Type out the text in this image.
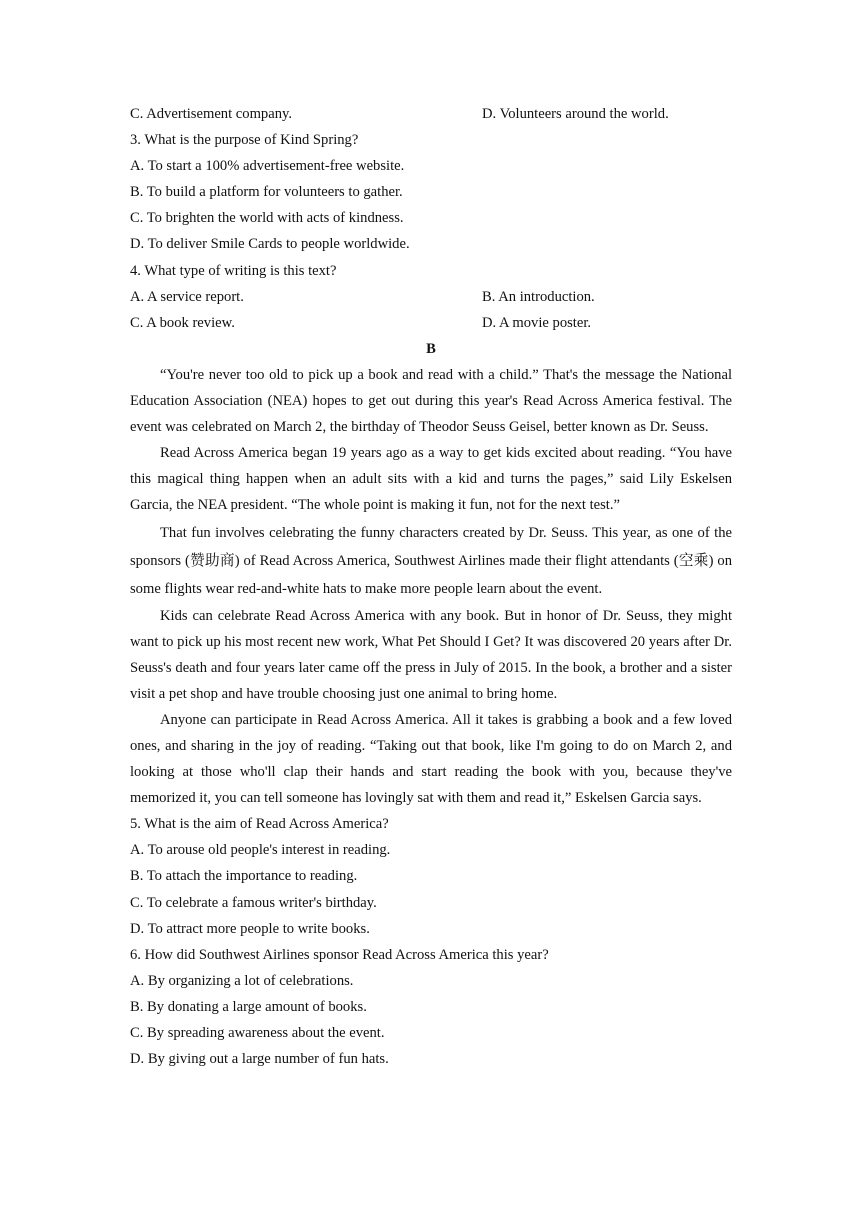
C. Advertisement company.	D. Volunteers around the world.
3. What is the purpose of Kind Spring?
A. To start a 100% advertisement-free website.
B. To build a platform for volunteers to gather.
C. To brighten the world with acts of kindness.
D. To deliver Smile Cards to people worldwide.
4. What type of writing is this text?
A. A service report.	B. An introduction.
C. A book review.	D. A movie poster.
B
“You're never too old to pick up a book and read with a child.” That's the message the National Education Association (NEA) hopes to get out during this year's Read Across America festival. The event was celebrated on March 2, the birthday of Theodor Seuss Geisel, better known as Dr. Seuss.
Read Across America began 19 years ago as a way to get kids excited about reading. “You have this magical thing happen when an adult sits with a kid and turns the pages,” said Lily Eskelsen Garcia, the NEA president. “The whole point is making it fun, not for the next test.”
That fun involves celebrating the funny characters created by Dr. Seuss. This year, as one of the sponsors (赞助商) of Read Across America, Southwest Airlines made their flight attendants (空乘) on some flights wear red-and-white hats to make more people learn about the event.
Kids can celebrate Read Across America with any book. But in honor of Dr. Seuss, they might want to pick up his most recent new work, What Pet Should I Get? It was discovered 20 years after Dr. Seuss's death and four years later came off the press in July of 2015. In the book, a brother and a sister visit a pet shop and have trouble choosing just one animal to bring home.
Anyone can participate in Read Across America. All it takes is grabbing a book and a few loved ones, and sharing in the joy of reading. “Taking out that book, like I'm going to do on March 2, and looking at those who'll clap their hands and start reading the book with you, because they've memorized it, you can tell someone has lovingly sat with them and read it,” Eskelsen Garcia says.
5. What is the aim of Read Across America?
A. To arouse old people's interest in reading.
B. To attach the importance to reading.
C. To celebrate a famous writer's birthday.
D. To attract more people to write books.
6. How did Southwest Airlines sponsor Read Across America this year?
A. By organizing a lot of celebrations.
B. By donating a large amount of books.
C. By spreading awareness about the event.
D. By giving out a large number of fun hats.
